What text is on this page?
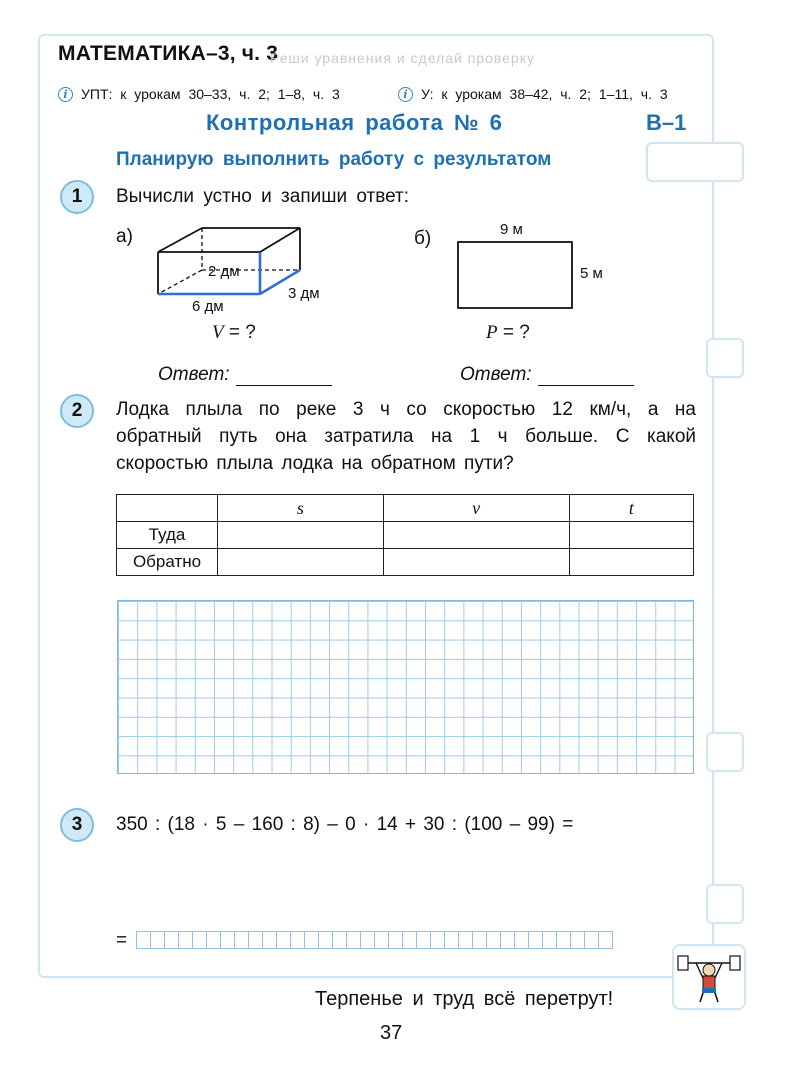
МАТЕМАТИКА–3, ч. 3
Реши уравнения и сделай проверку
i УПТ: к урокам 30–33, ч. 2; 1–8, ч. 3	i У: к урокам 38–42, ч. 2; 1–11, ч. 3
Контрольная работа № 6	В–1
Планирую выполнить работу с результатом
1	Вычисли устно и запиши ответ:
а)
2 дм
6 дм
3 дм
V = ?
б)	9 м
5 м
P = ?
Ответ:	Ответ:
2	Лодка плыла по реке 3 ч со скоростью 12 км/ч, а на обратный путь она затратила на 1 ч больше. С какой скоростью плыла лодка на обратном пути?
	s	v	t
Туда			
Обратно			
3	350 : (18 · 5 – 160 : 8) – 0 · 14 + 30 : (100 – 99) =
=
Терпенье и труд всё перетрут!
37
